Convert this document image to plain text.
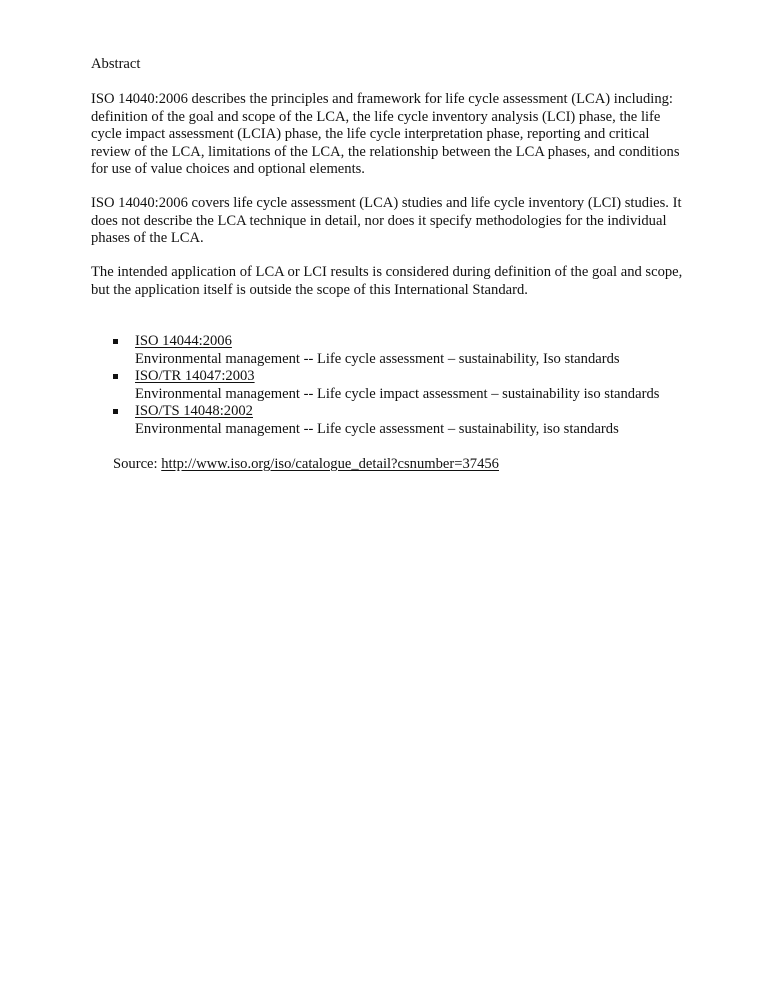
Abstract

ISO 14040:2006 describes the principles and framework for life cycle assessment (LCA) including: definition of the goal and scope of the LCA, the life cycle inventory analysis (LCI) phase, the life cycle impact assessment (LCIA) phase, the life cycle interpretation phase, reporting and critical review of the LCA, limitations of the LCA, the relationship between the LCA phases, and conditions for use of value choices and optional elements.

ISO 14040:2006 covers life cycle assessment (LCA) studies and life cycle inventory (LCI) studies. It does not describe the LCA technique in detail, nor does it specify methodologies for the individual phases of the LCA.

The intended application of LCA or LCI results is considered during definition of the goal and scope, but the application itself is outside the scope of this International Standard.

ISO 14044:2006
Environmental management -- Life cycle assessment – sustainability, Iso standards
ISO/TR 14047:2003
Environmental management -- Life cycle impact assessment – sustainability iso standards
ISO/TS 14048:2002
Environmental management -- Life cycle assessment – sustainability, iso standards
Source: http://www.iso.org/iso/catalogue_detail?csnumber=37456
